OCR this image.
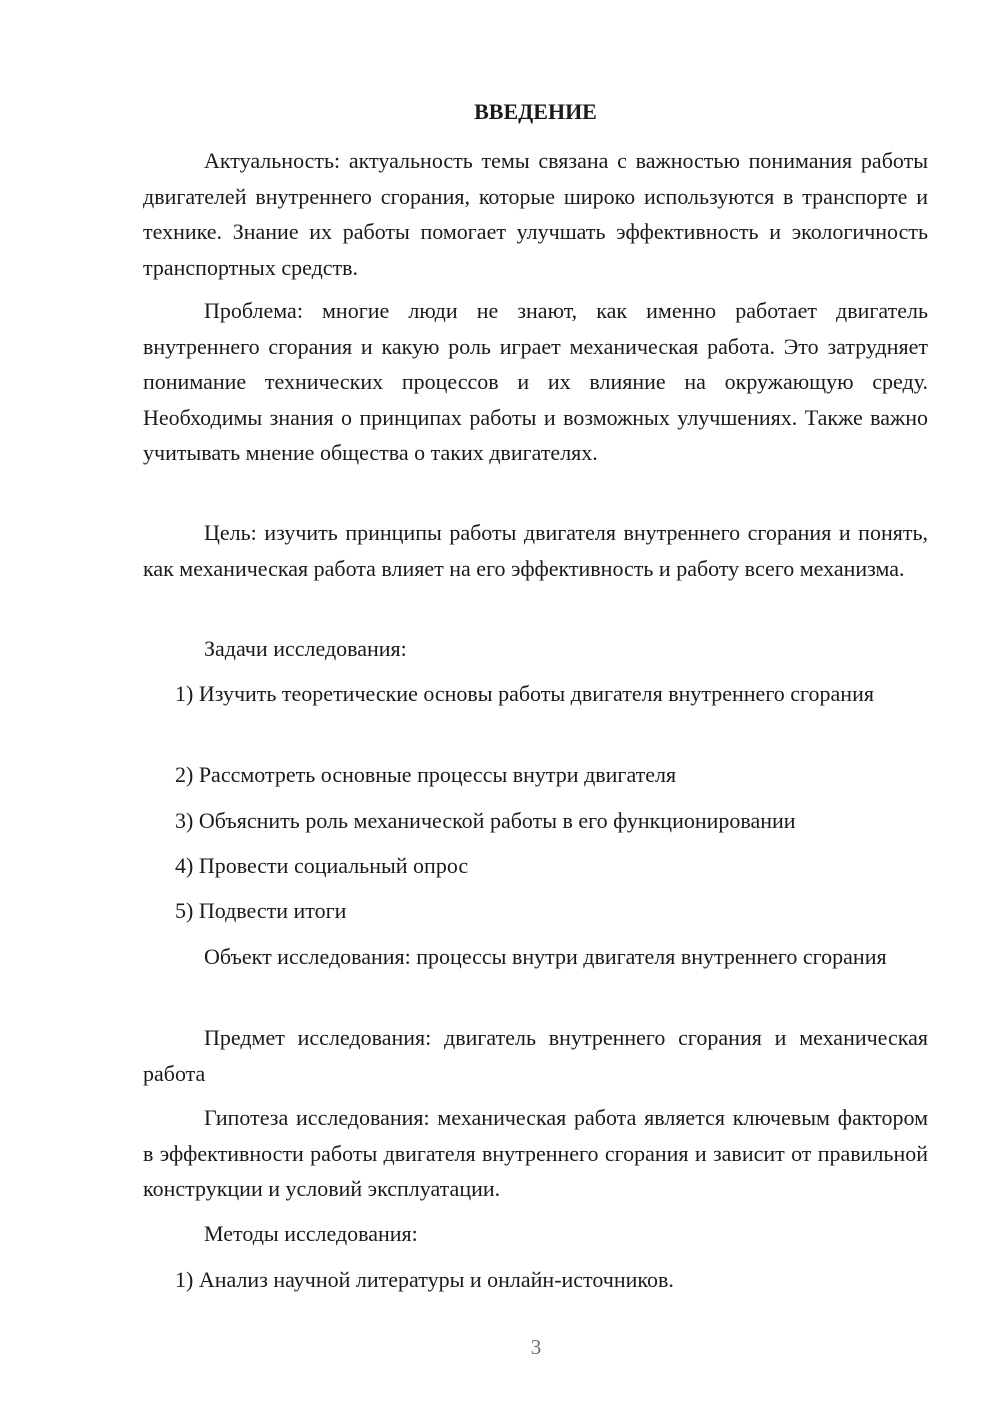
ВВЕДЕНИЕ

Актуальность: актуальность темы связана с важностью понимания работы двигателей внутреннего сгорания, которые широко используются в транспорте и технике. Знание их работы помогает улучшать эффективность и экологичность транспортных средств.

Проблема: многие люди не знают, как именно работает двигатель внутреннего сгорания и какую роль играет механическая работа. Это затрудняет понимание технических процессов и их влияние на окружающую среду. Необходимы знания о принципах работы и возможных улучшениях. Также важно учитывать мнение общества о таких двигателях.

Цель: изучить принципы работы двигателя внутреннего сгорания и понять, как механическая работа влияет на его эффективность и работу всего механизма.

Задачи исследования:

1) Изучить теоретические основы работы двигателя внутреннего сгорания

2) Рассмотреть основные процессы внутри двигателя

3) Объяснить роль механической работы в его функционировании

4) Провести социальный опрос

5) Подвести итоги

Объект исследования: процессы внутри двигателя внутреннего сгорания

Предмет исследования: двигатель внутреннего сгорания и механическая работа

Гипотеза исследования: механическая работа является ключевым фактором в эффективности работы двигателя внутреннего сгорания и зависит от правильной конструкции и условий эксплуатации.

Методы исследования:

1) Анализ научной литературы и онлайн-источников.

3
